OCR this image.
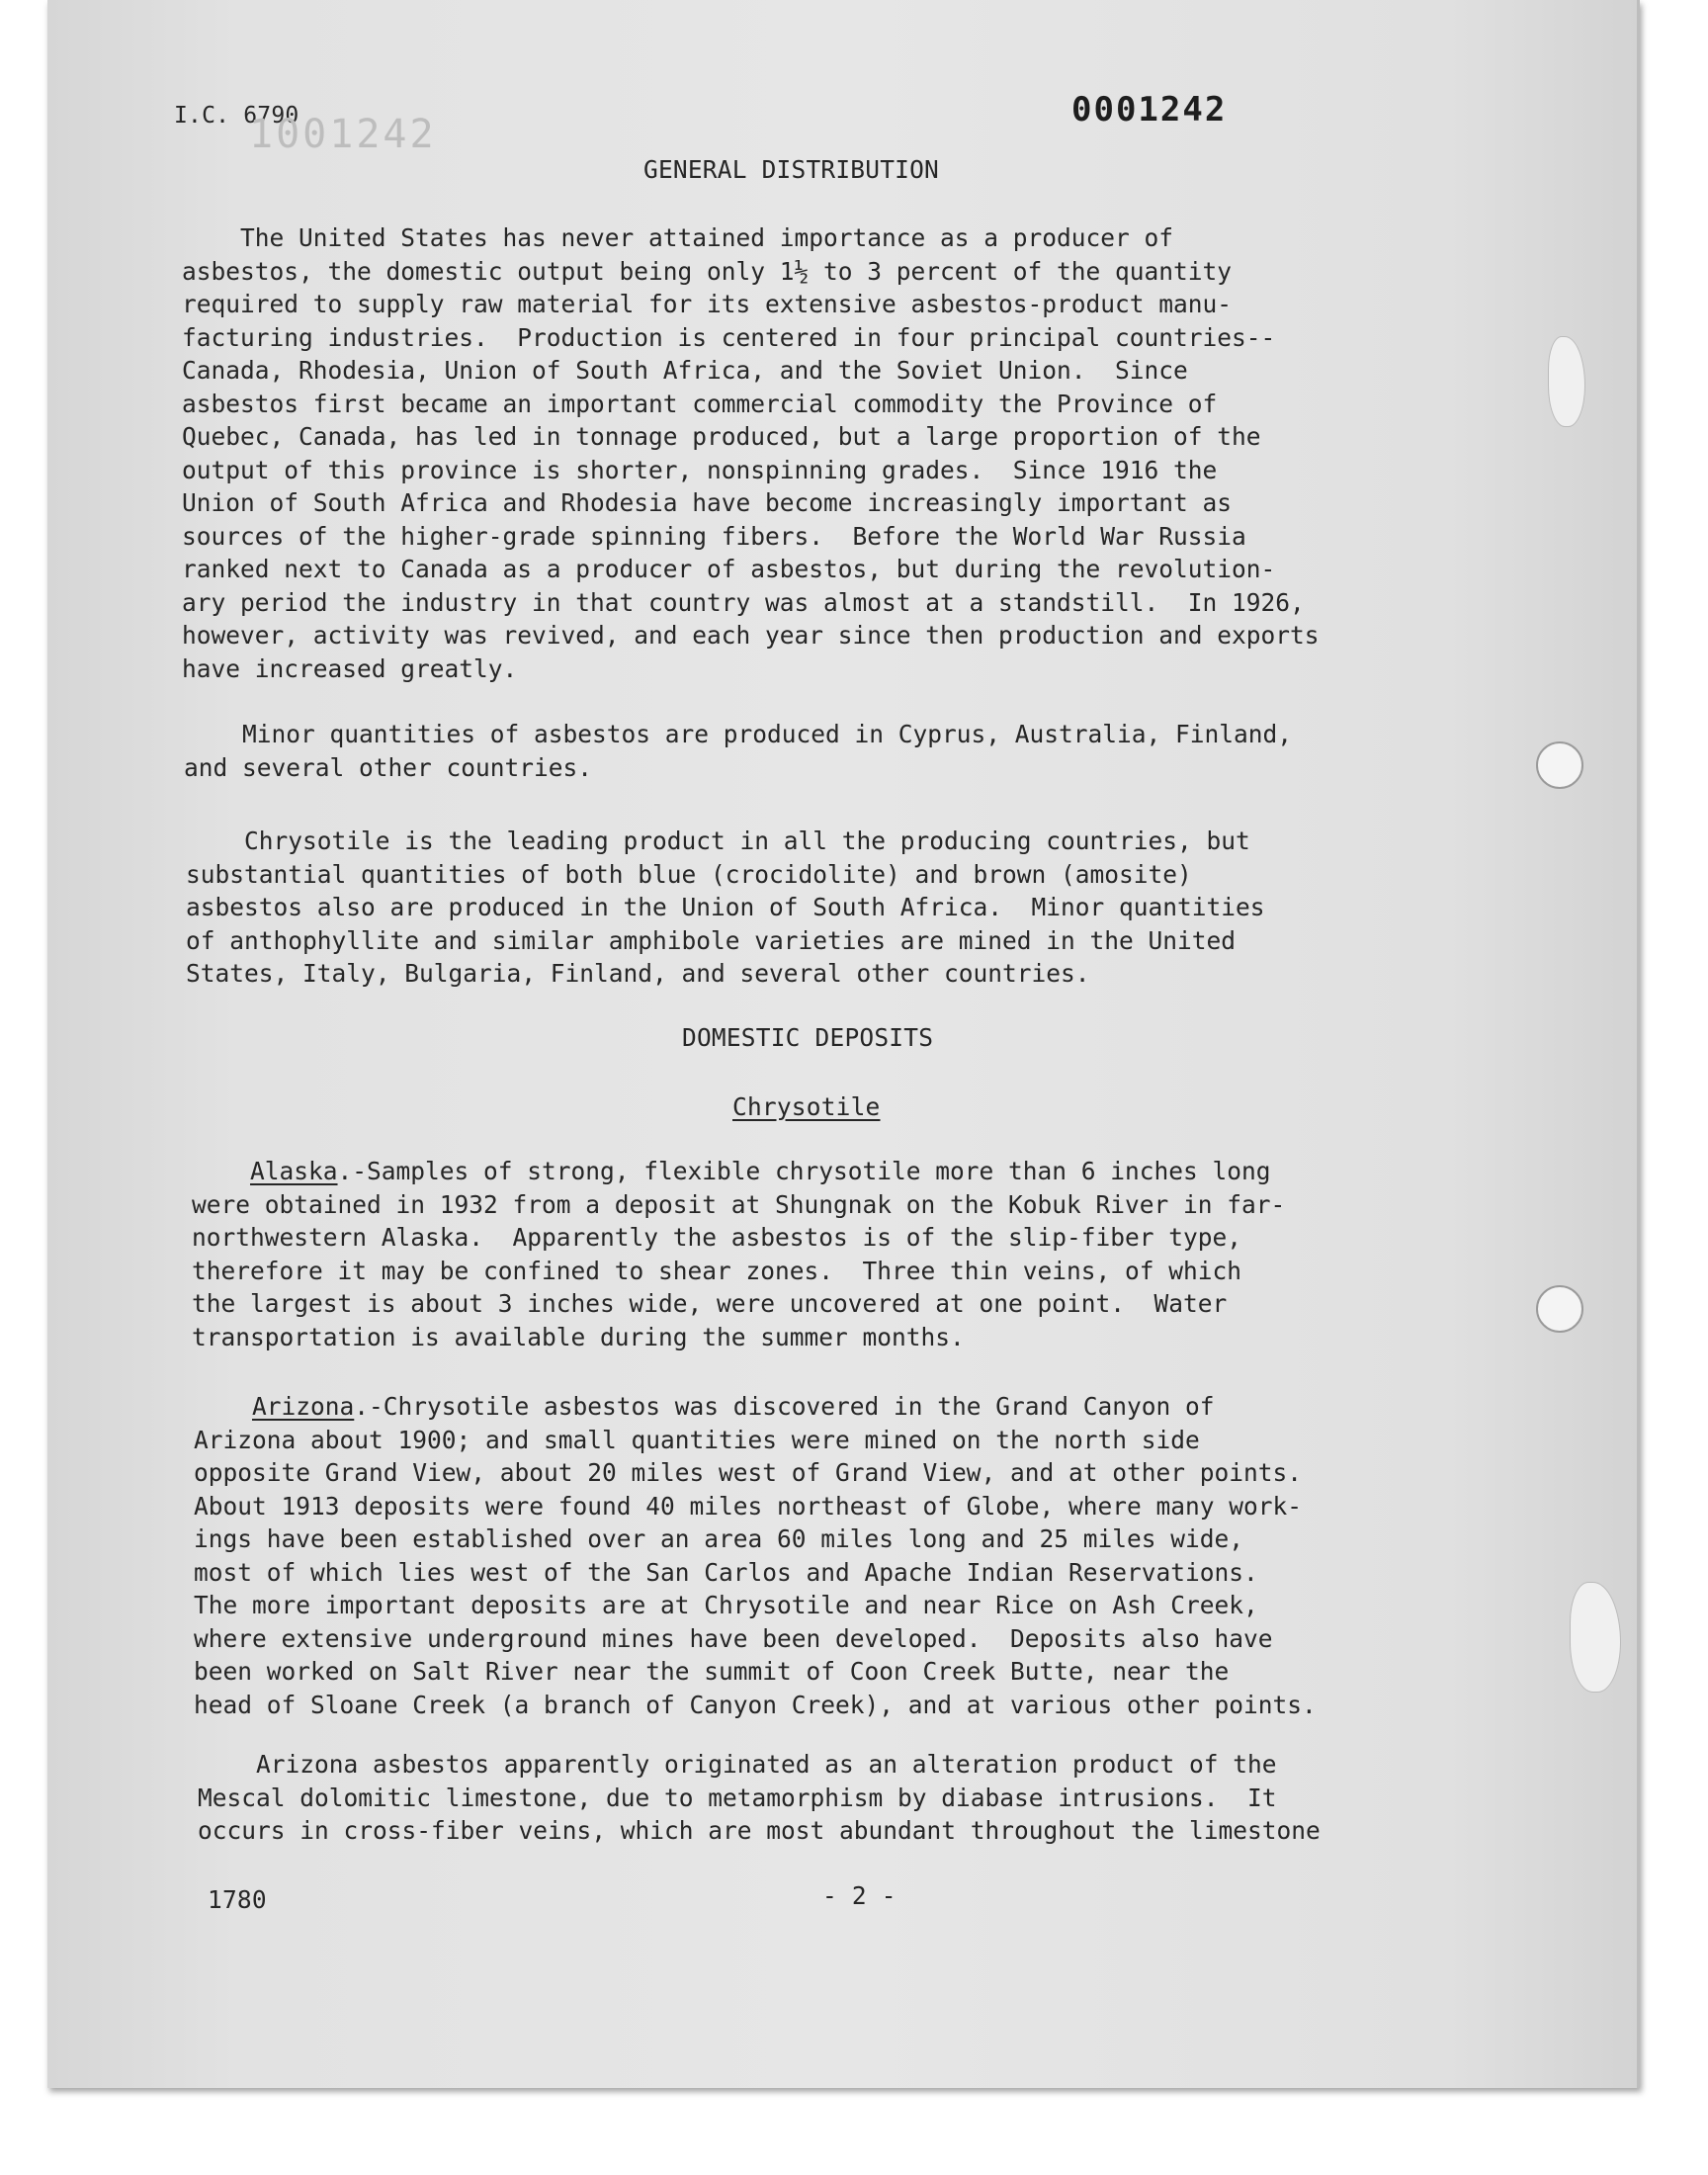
I.C. 6790
1001242
0001242
GENERAL DISTRIBUTION
The United States has never attained importance as a producer of
asbestos, the domestic output being only 1½ to 3 percent of the quantity
required to supply raw material for its extensive asbestos-product manu-
facturing industries.  Production is centered in four principal countries--
Canada, Rhodesia, Union of South Africa, and the Soviet Union.  Since
asbestos first became an important commercial commodity the Province of
Quebec, Canada, has led in tonnage produced, but a large proportion of the
output of this province is shorter, nonspinning grades.  Since 1916 the
Union of South Africa and Rhodesia have become increasingly important as
sources of the higher-grade spinning fibers.  Before the World War Russia
ranked next to Canada as a producer of asbestos, but during the revolution-
ary period the industry in that country was almost at a standstill.  In 1926,
however, activity was revived, and each year since then production and exports
have increased greatly.
Minor quantities of asbestos are produced in Cyprus, Australia, Finland,
and several other countries.
Chrysotile is the leading product in all the producing countries, but
substantial quantities of both blue (crocidolite) and brown (amosite)
asbestos also are produced in the Union of South Africa.  Minor quantities
of anthophyllite and similar amphibole varieties are mined in the United
States, Italy, Bulgaria, Finland, and several other countries.
DOMESTIC DEPOSITS
Chrysotile
Alaska.-Samples of strong, flexible chrysotile more than 6 inches long
were obtained in 1932 from a deposit at Shungnak on the Kobuk River in far-
northwestern Alaska.  Apparently the asbestos is of the slip-fiber type,
therefore it may be confined to shear zones.  Three thin veins, of which
the largest is about 3 inches wide, were uncovered at one point.  Water
transportation is available during the summer months.
Arizona.-Chrysotile asbestos was discovered in the Grand Canyon of
Arizona about 1900; and small quantities were mined on the north side
opposite Grand View, about 20 miles west of Grand View, and at other points.
About 1913 deposits were found 40 miles northeast of Globe, where many work-
ings have been established over an area 60 miles long and 25 miles wide,
most of which lies west of the San Carlos and Apache Indian Reservations.
The more important deposits are at Chrysotile and near Rice on Ash Creek,
where extensive underground mines have been developed.  Deposits also have
been worked on Salt River near the summit of Coon Creek Butte, near the
head of Sloane Creek (a branch of Canyon Creek), and at various other points.
Arizona asbestos apparently originated as an alteration product of the
Mescal dolomitic limestone, due to metamorphism by diabase intrusions.  It
occurs in cross-fiber veins, which are most abundant throughout the limestone
1780	- 2 -
